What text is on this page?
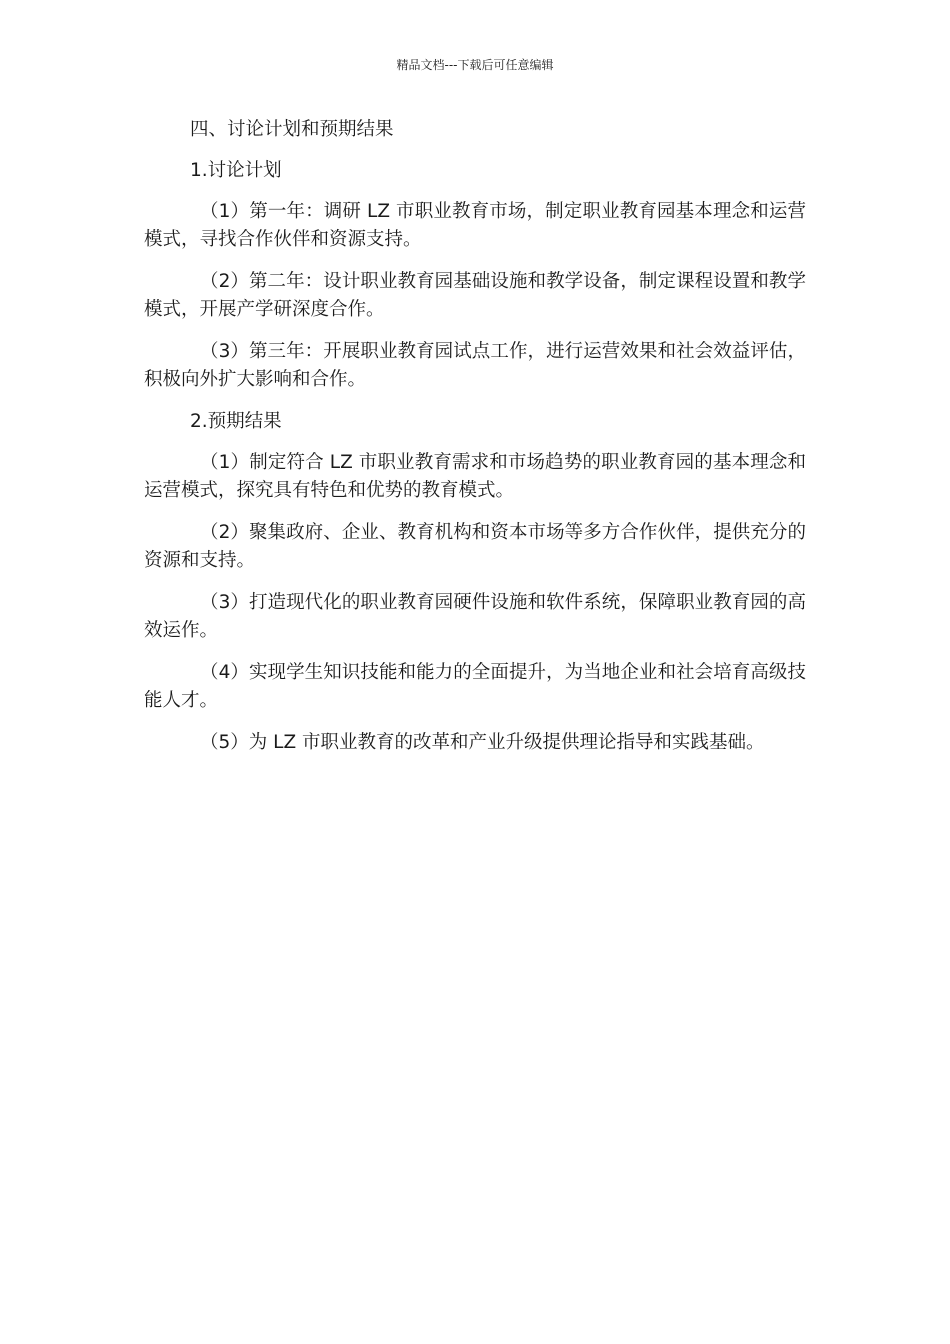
精品文档---下载后可任意编辑

四、讨论计划和预期结果

1.讨论计划

（1）第一年：调研 LZ 市职业教育市场，制定职业教育园基本理念和运营模式，寻找合作伙伴和资源支持。

（2）第二年：设计职业教育园基础设施和教学设备，制定课程设置和教学模式，开展产学研深度合作。

（3）第三年：开展职业教育园试点工作，进行运营效果和社会效益评估，积极向外扩大影响和合作。

2.预期结果

（1）制定符合 LZ 市职业教育需求和市场趋势的职业教育园的基本理念和运营模式，探究具有特色和优势的教育模式。

（2）聚集政府、企业、教育机构和资本市场等多方合作伙伴，提供充分的资源和支持。

（3）打造现代化的职业教育园硬件设施和软件系统，保障职业教育园的高效运作。

（4）实现学生知识技能和能力的全面提升，为当地企业和社会培育高级技能人才。

（5）为 LZ 市职业教育的改革和产业升级提供理论指导和实践基础。
